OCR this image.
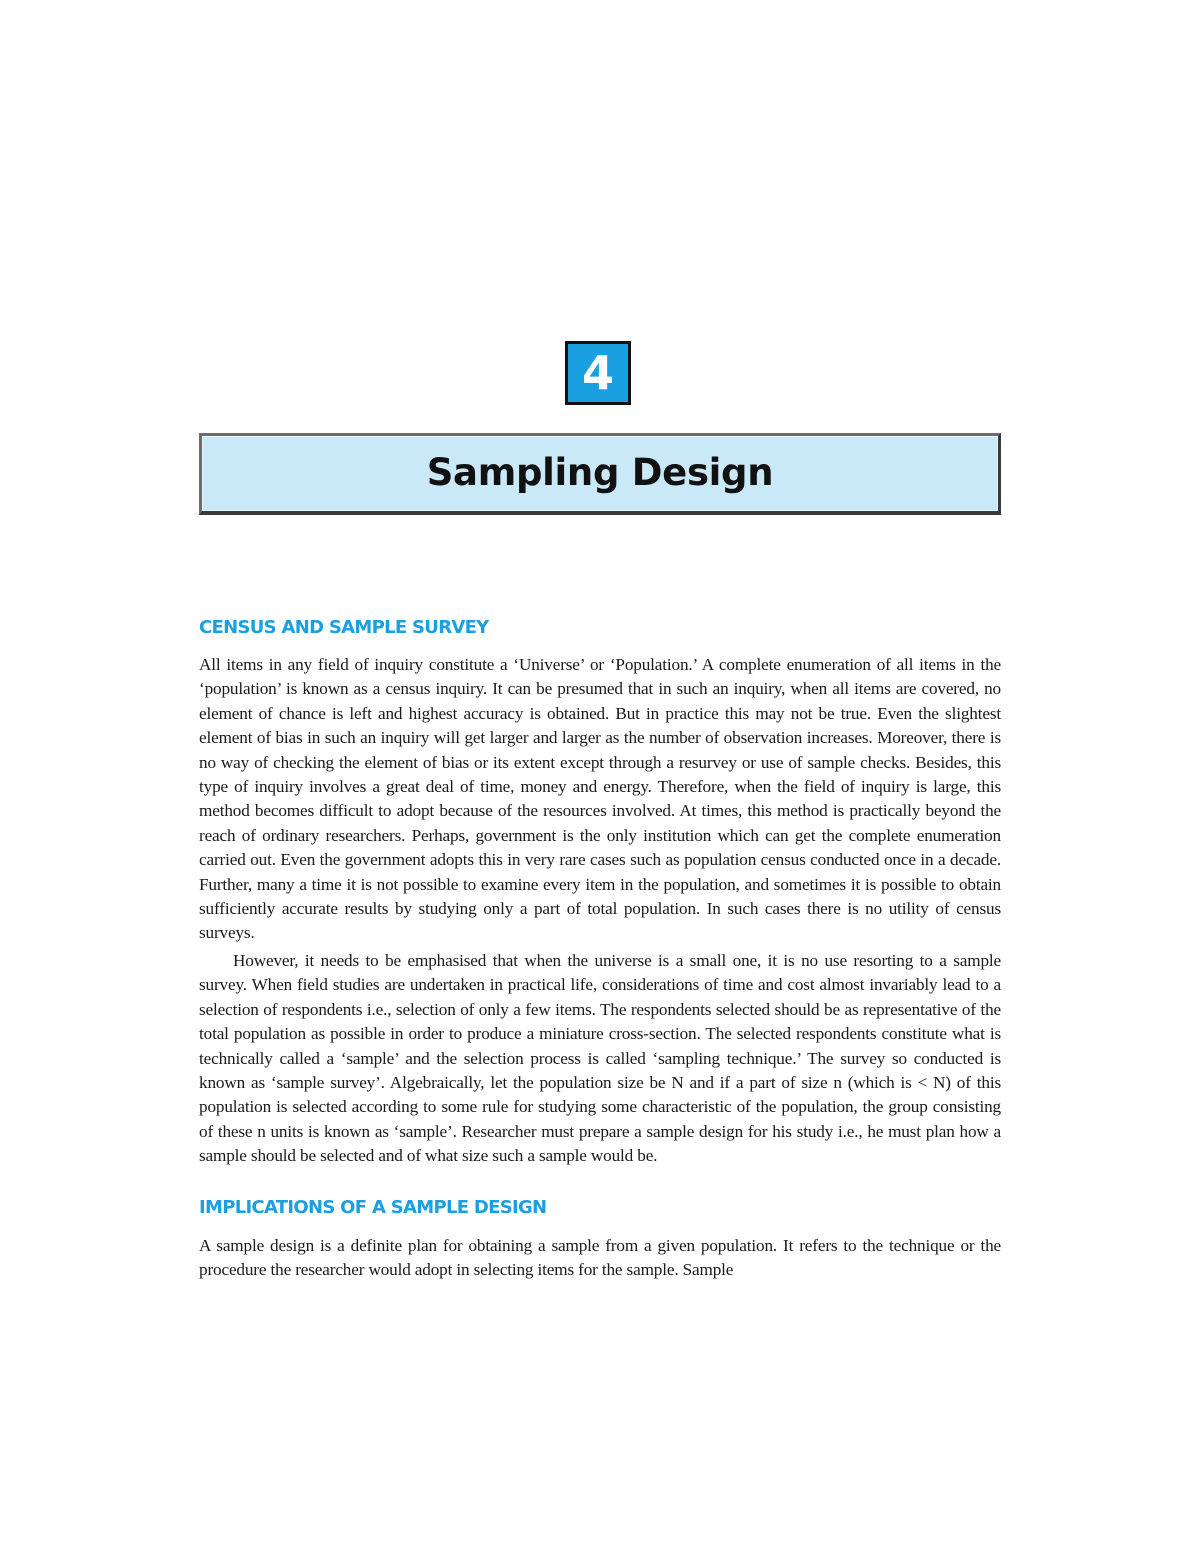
4
Sampling Design
CENSUS AND SAMPLE SURVEY

All items in any field of inquiry constitute a ‘Universe’ or ‘Population.’ A complete enumeration of all items in the ‘population’ is known as a census inquiry. It can be presumed that in such an inquiry, when all items are covered, no element of chance is left and highest accuracy is obtained. But in practice this may not be true. Even the slightest element of bias in such an inquiry will get larger and larger as the number of observation increases. Moreover, there is no way of checking the element of bias or its extent except through a resurvey or use of sample checks. Besides, this type of inquiry involves a great deal of time, money and energy. Therefore, when the field of inquiry is large, this method becomes difficult to adopt because of the resources involved. At times, this method is practically beyond the reach of ordinary researchers. Perhaps, government is the only institution which can get the complete enumeration carried out. Even the government adopts this in very rare cases such as population census conducted once in a decade. Further, many a time it is not possible to examine every item in the population, and sometimes it is possible to obtain sufficiently accurate results by studying only a part of total population. In such cases there is no utility of census surveys.

However, it needs to be emphasised that when the universe is a small one, it is no use resorting to a sample survey. When field studies are undertaken in practical life, considerations of time and cost almost invariably lead to a selection of respondents i.e., selection of only a few items. The respondents selected should be as representative of the total population as possible in order to produce a miniature cross-section. The selected respondents constitute what is technically called a ‘sample’ and the selection process is called ‘sampling technique.’ The survey so conducted is known as ‘sample survey’. Algebraically, let the population size be N and if a part of size n (which is < N) of this population is selected according to some rule for studying some characteristic of the population, the group consisting of these n units is known as ‘sample’. Researcher must prepare a sample design for his study i.e., he must plan how a sample should be selected and of what size such a sample would be.

IMPLICATIONS OF A SAMPLE DESIGN

A sample design is a definite plan for obtaining a sample from a given population. It refers to the technique or the procedure the researcher would adopt in selecting items for the sample. Sample
